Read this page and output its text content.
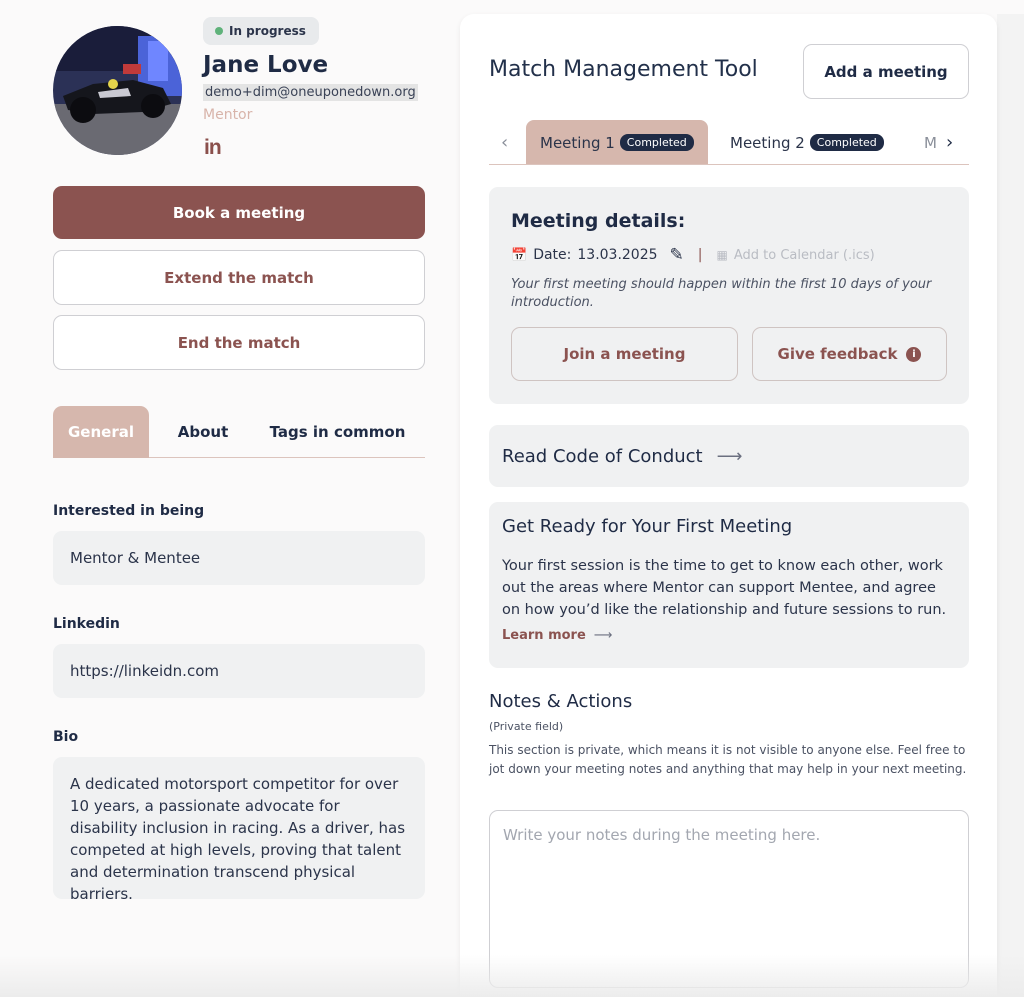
In progress
Jane Love
demo+dim@oneuponedown.org
Mentor
in
Book a meeting
Extend the match
End the match
General	About	Tags in common
Interested in being
Mentor & Mentee
Linkedin
https://linkeidn.com
Bio
A dedicated motorsport competitor for over 10 years, a passionate advocate for disability inclusion in racing. As a driver, has competed at high levels, proving that talent and determination transcend physical barriers.
Match Management Tool	Add a meeting
‹ Meeting 1	Completed	Meeting 2	Completed	M ›
Meeting details:
📅 Date: 13.03.2025 ✎ | ▦ Add to Calendar (.ics)
Your first meeting should happen within the first 10 days of your introduction.
Join a meeting	Give feedback	i
Read Code of Conduct ⟶
Get Ready for Your First Meeting
Your first session is the time to get to know each other, work out the areas where Mentor can support Mentee, and agree on how you’d like the relationship and future sessions to run.
Learn more ⟶
Notes & Actions
(Private field)
This section is private, which means it is not visible to anyone else. Feel free to jot down your meeting notes and anything that may help in your next meeting.
Write your notes during the meeting here.
